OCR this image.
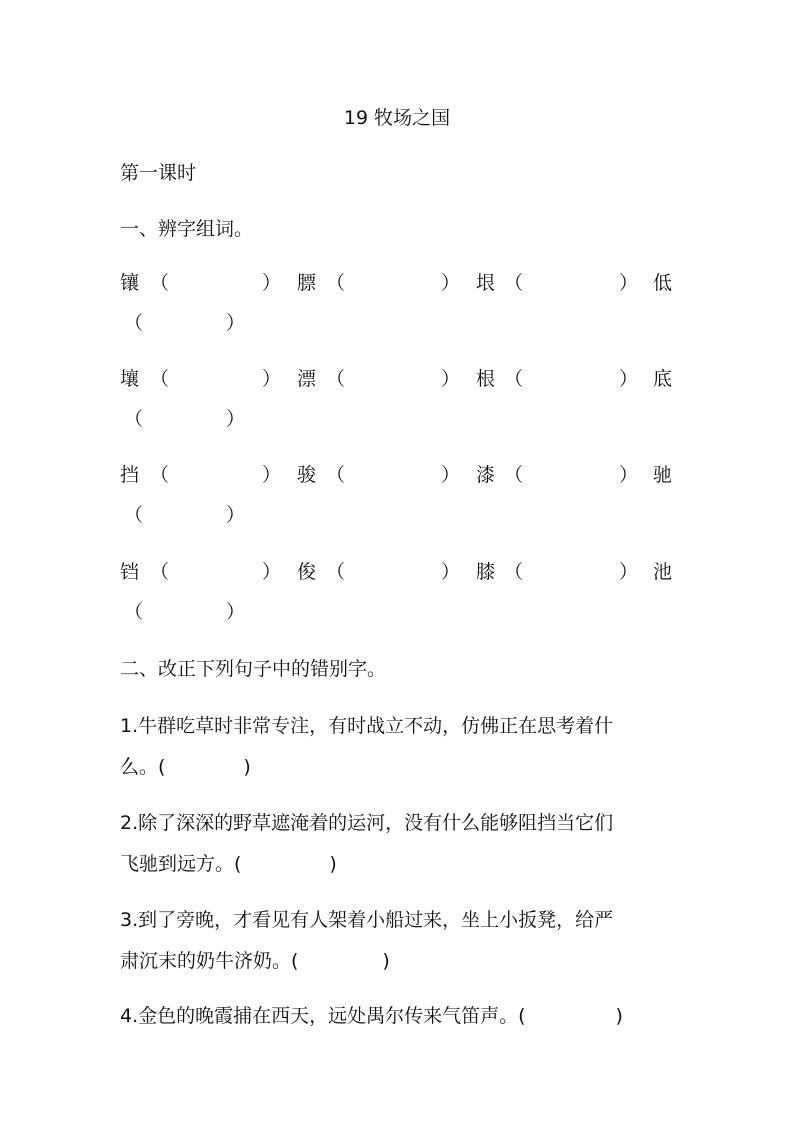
19 牧场之国
第一课时
一、辨字组词。
镶 （	） 膘 （	） 垠 （	） 低
（	）
壤 （	） 漂 （	） 根 （	） 底
（	）
挡 （	） 骏 （	） 漆 （	） 驰
（	）
铛 （	） 俊 （	） 膝 （	） 池
（	）
二、改正下列句子中的错别字。
1.牛群吃草时非常专注，有时战立不动，仿佛正在思考着什
么。(	)
2.除了深深的野草遮淹着的运河，没有什么能够阻挡当它们
飞驰到远方。(	)
3.到了旁晚，才看见有人架着小船过来，坐上小扳凳，给严
肃沉末的奶牛济奶。(	)
4.金色的晚霞捕在西天，远处禺尔传来气笛声。(	)
